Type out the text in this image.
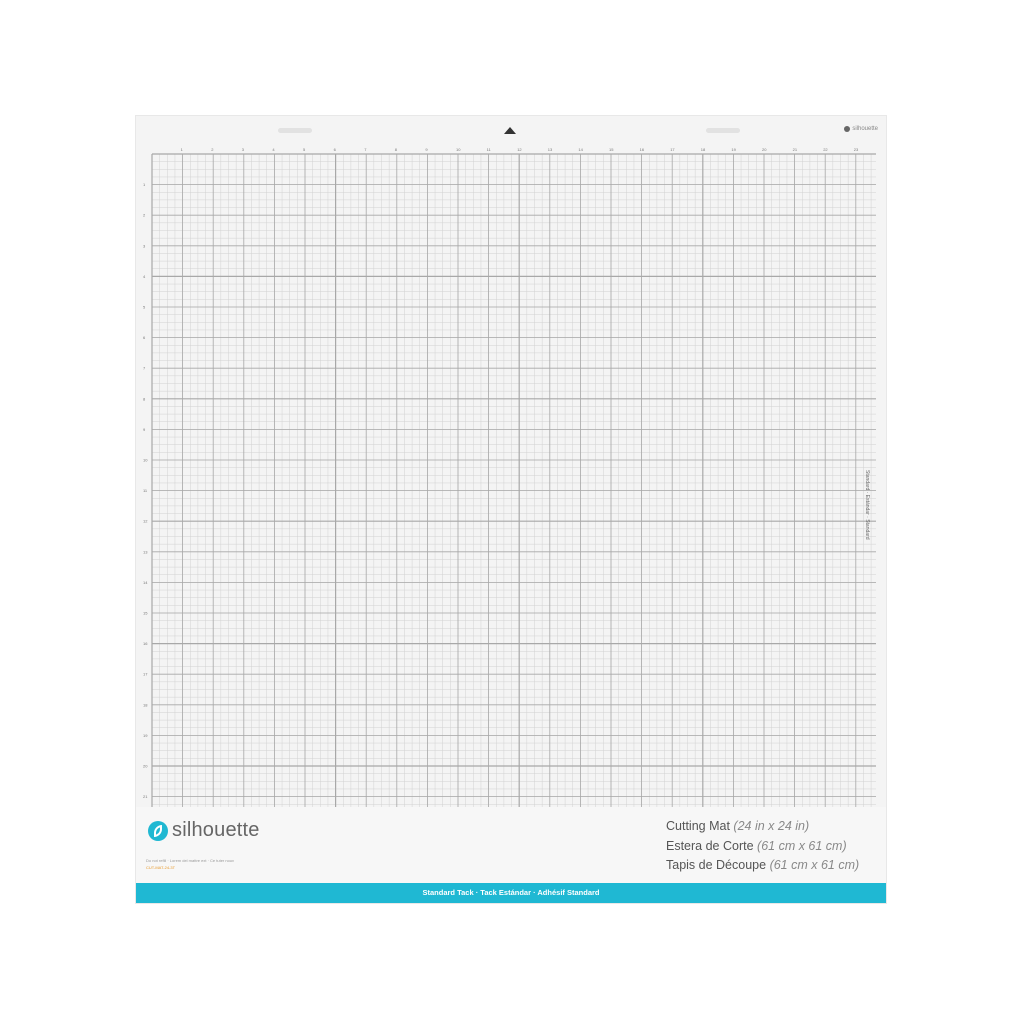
silhouette
1	2	3	4	5	6	7	8	9	10	11	12	13	14	15	16	17	18	19	20	21	22	23
1
2
3
4
5
6
7
8
9
10
11
12
13
14
15
16
17
18
19
20
21
silhouette
Do not refill · Lorem del mattre ext · Ce tuter nouv
CUT-MAT-24-3T
Cutting Mat (24 in x 24 in)
Estera de Corte (61 cm x 61 cm)
Tapis de Découpe (61 cm x 61 cm)
Standard Tack · Tack Estándar · Adhésif Standard
Standard · Estándar · Standard
